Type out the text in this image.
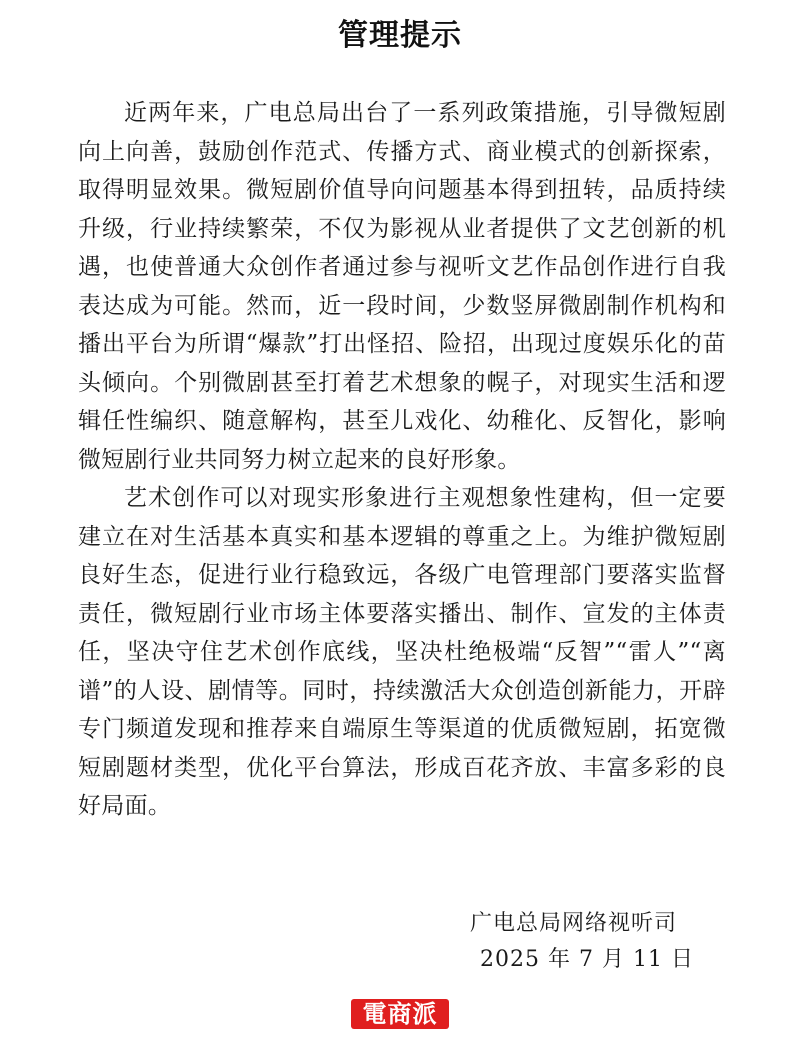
管理提示

近两年来，广电总局出台了一系列政策措施，引导微短剧向上向善，鼓励创作范式、传播方式、商业模式的创新探索，取得明显效果。微短剧价值导向问题基本得到扭转，品质持续升级，行业持续繁荣，不仅为影视从业者提供了文艺创新的机遇，也使普通大众创作者通过参与视听文艺作品创作进行自我表达成为可能。然而，近一段时间，少数竖屏微剧制作机构和播出平台为所谓“爆款”打出怪招、险招，出现过度娱乐化的苗头倾向。个别微剧甚至打着艺术想象的幌子，对现实生活和逻辑任性编织、随意解构，甚至儿戏化、幼稚化、反智化，影响微短剧行业共同努力树立起来的良好形象。

艺术创作可以对现实形象进行主观想象性建构，但一定要建立在对生活基本真实和基本逻辑的尊重之上。为维护微短剧良好生态，促进行业行稳致远，各级广电管理部门要落实监督责任，微短剧行业市场主体要落实播出、制作、宣发的主体责任，坚决守住艺术创作底线，坚决杜绝极端“反智”“雷人”“离谱”的人设、剧情等。同时，持续激活大众创造创新能力，开辟专门频道发现和推荐来自端原生等渠道的优质微短剧，拓宽微短剧题材类型，优化平台算法，形成百花齐放、丰富多彩的良好局面。

广电总局网络视听司
2025 年 7 月 11 日
電商派
